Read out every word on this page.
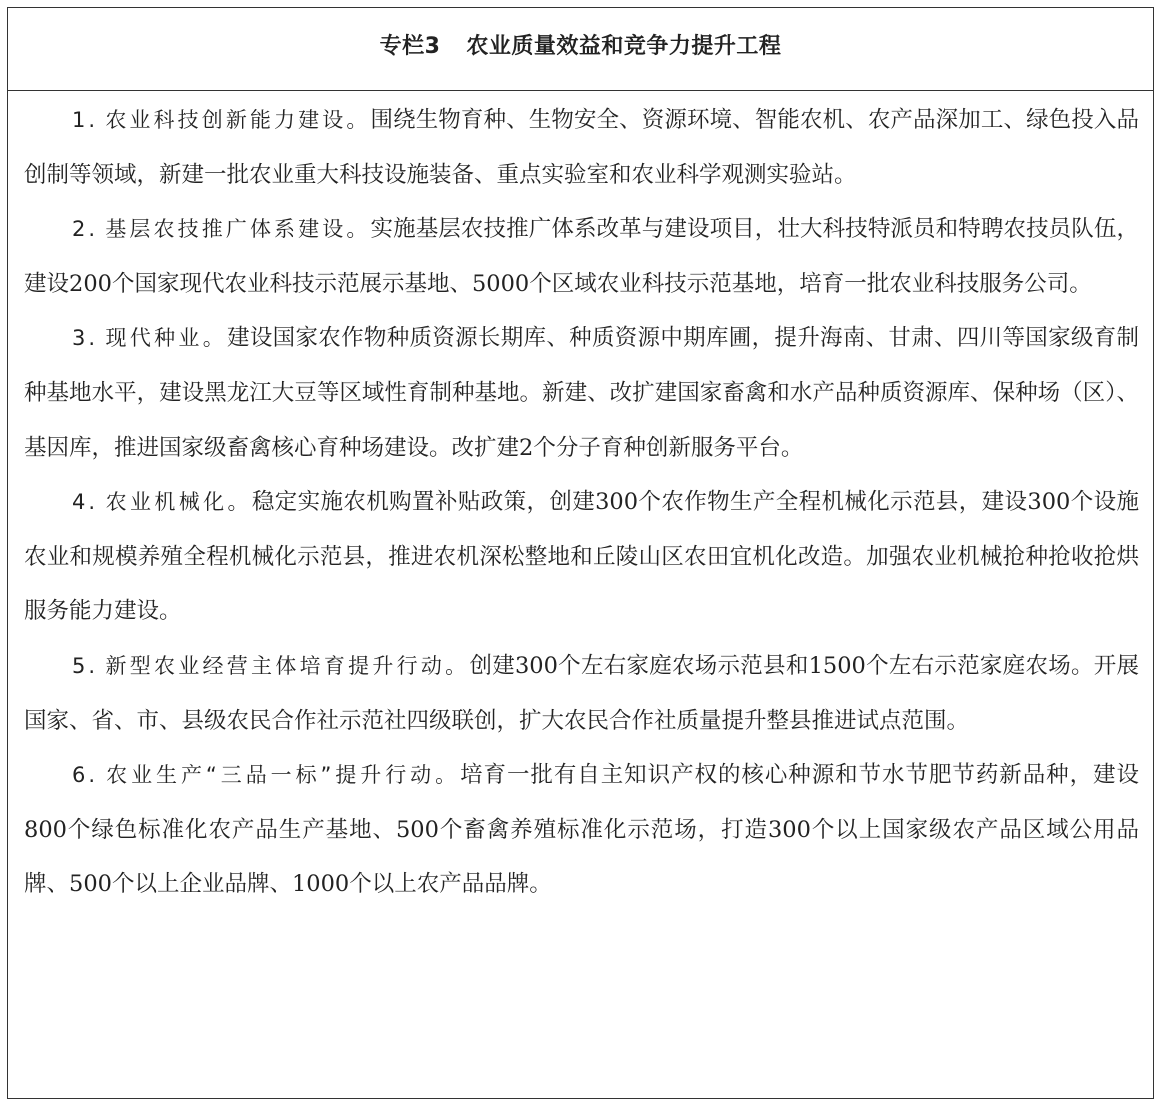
专栏3 农业质量效益和竞争力提升工程

1. 农业科技创新能力建设。围绕生物育种、生物安全、资源环境、智能农机、农产品深加工、绿色投入品创制等领域，新建一批农业重大科技设施装备、重点实验室和农业科学观测实验站。

2. 基层农技推广体系建设。实施基层农技推广体系改革与建设项目，壮大科技特派员和特聘农技员队伍，建设200个国家现代农业科技示范展示基地、5000个区域农业科技示范基地，培育一批农业科技服务公司。

3. 现代种业。建设国家农作物种质资源长期库、种质资源中期库圃，提升海南、甘肃、四川等国家级育制种基地水平，建设黑龙江大豆等区域性育制种基地。新建、改扩建国家畜禽和水产品种质资源库、保种场（区）、基因库，推进国家级畜禽核心育种场建设。改扩建2个分子育种创新服务平台。

4. 农业机械化。稳定实施农机购置补贴政策，创建300个农作物生产全程机械化示范县，建设300个设施农业和规模养殖全程机械化示范县，推进农机深松整地和丘陵山区农田宜机化改造。加强农业机械抢种抢收抢烘服务能力建设。

5. 新型农业经营主体培育提升行动。创建300个左右家庭农场示范县和1500个左右示范家庭农场。开展国家、省、市、县级农民合作社示范社四级联创，扩大农民合作社质量提升整县推进试点范围。

6. 农业生产“三品一标”提升行动。培育一批有自主知识产权的核心种源和节水节肥节药新品种，建设800个绿色标准化农产品生产基地、500个畜禽养殖标准化示范场，打造300个以上国家级农产品区域公用品牌、500个以上企业品牌、1000个以上农产品品牌。
